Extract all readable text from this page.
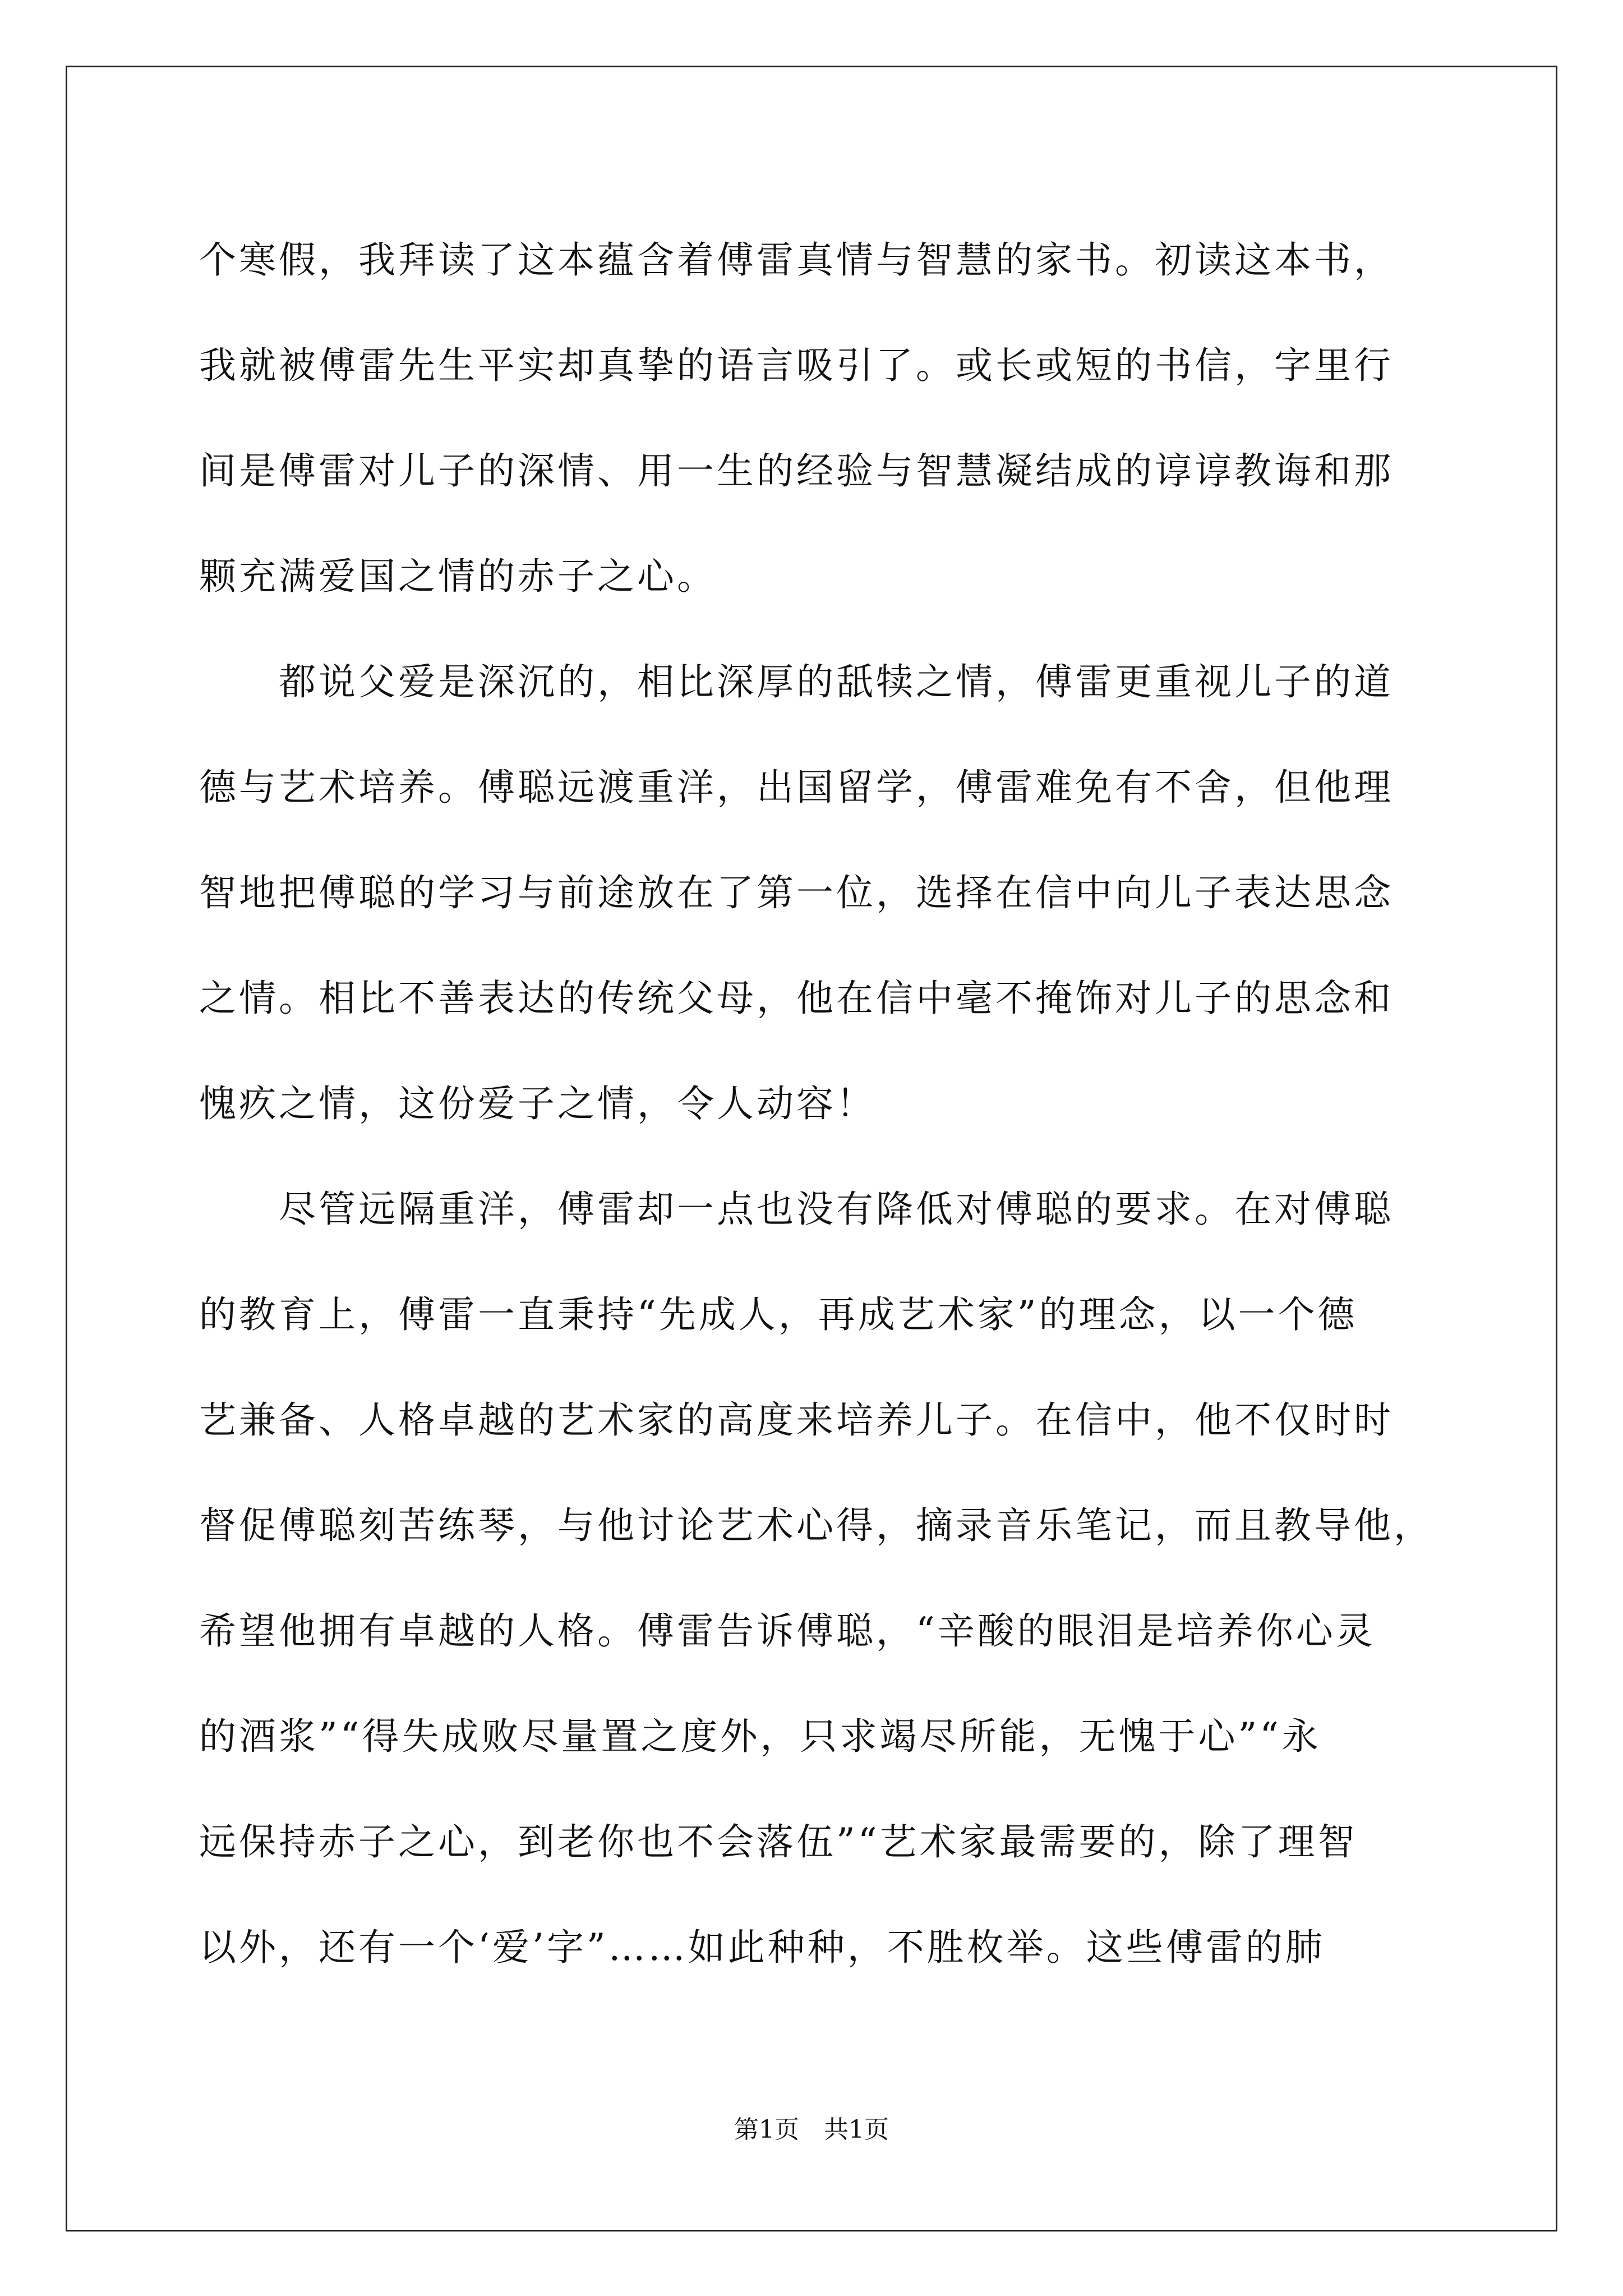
个寒假，我拜读了这本蕴含着傅雷真情与智慧的家书。初读这本书，
我就被傅雷先生平实却真挚的语言吸引了。或长或短的书信，字里行
间是傅雷对儿子的深情、用一生的经验与智慧凝结成的谆谆教诲和那
颗充满爱国之情的赤子之心。
　　都说父爱是深沉的，相比深厚的舐犊之情，傅雷更重视儿子的道
德与艺术培养。傅聪远渡重洋，出国留学，傅雷难免有不舍，但他理
智地把傅聪的学习与前途放在了第一位，选择在信中向儿子表达思念
之情。相比不善表达的传统父母，他在信中毫不掩饰对儿子的思念和
愧疚之情，这份爱子之情，令人动容！
　　尽管远隔重洋，傅雷却一点也没有降低对傅聪的要求。在对傅聪
的教育上，傅雷一直秉持“先成人，再成艺术家”的理念，以一个德
艺兼备、人格卓越的艺术家的高度来培养儿子。在信中，他不仅时时
督促傅聪刻苦练琴，与他讨论艺术心得，摘录音乐笔记，而且教导他，
希望他拥有卓越的人格。傅雷告诉傅聪，“辛酸的眼泪是培养你心灵
的酒浆”“得失成败尽量置之度外，只求竭尽所能，无愧于心”“永
远保持赤子之心，到老你也不会落伍”“艺术家最需要的，除了理智
以外，还有一个‘爱’字”……如此种种，不胜枚举。这些傅雷的肺
第1页　共1页
